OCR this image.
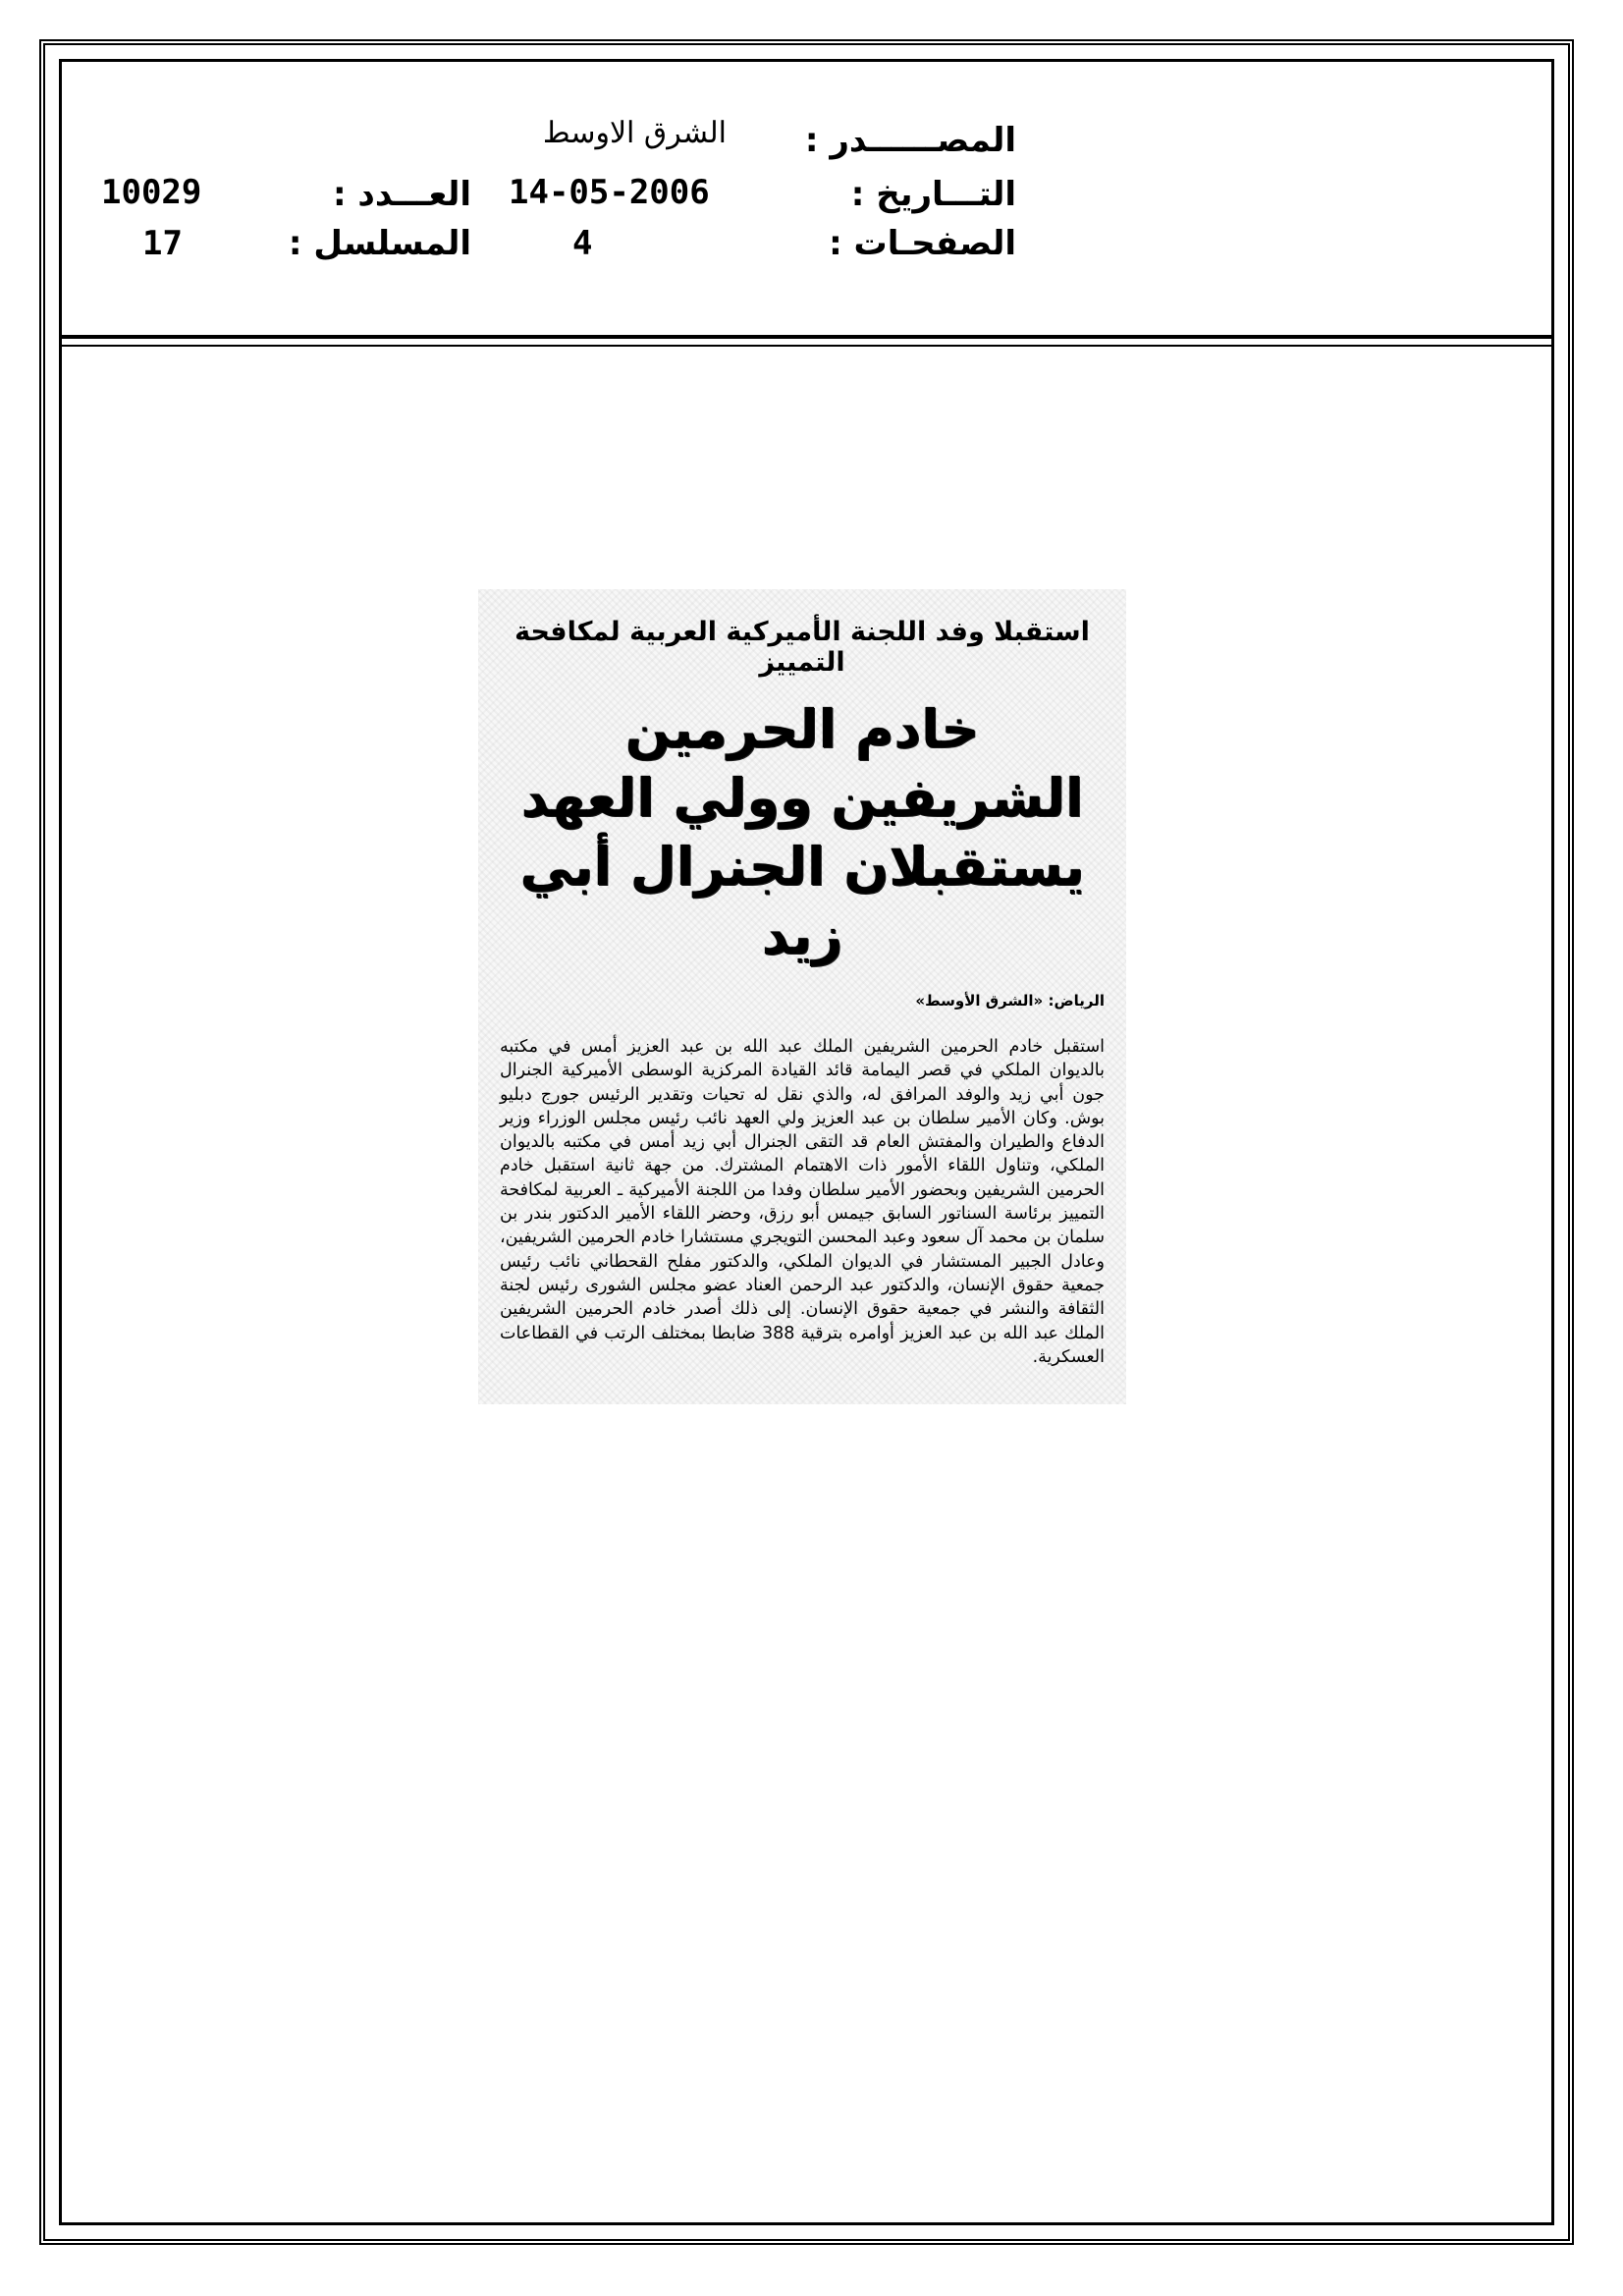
المصــــــدر :
الشرق الاوسط
التـــاريخ :
14-05-2006
العـــدد :
10029
الصفحـات :
4
المسلسل :
17
استقبلا وفد اللجنة الأميركية العربية لمكافحة التمييز
خادم الحرمين الشريفين وولي العهد
يستقبلان الجنرال أبي زيد
الرياض: «الشرق الأوسط»

استقبل خادم الحرمين الشريفين الملك عبد الله بن عبد العزيز أمس في مكتبه بالديوان الملكي في قصر اليمامة قائد القيادة المركزية الوسطى الأميركية الجنرال جون أبي زيد والوفد المرافق له، والذي نقل له تحيات وتقدير الرئيس جورج دبليو بوش. وكان الأمير سلطان بن عبد العزيز ولي العهد نائب رئيس مجلس الوزراء وزير الدفاع والطيران والمفتش العام قد التقى الجنرال أبي زيد أمس في مكتبه بالديوان الملكي، وتناول اللقاء الأمور ذات الاهتمام المشترك. من جهة ثانية استقبل خادم الحرمين الشريفين وبحضور الأمير سلطان وفدا من اللجنة الأميركية ـ العربية لمكافحة التمييز برئاسة السناتور السابق جيمس أبو رزق، وحضر اللقاء الأمير الدكتور بندر بن سلمان بن محمد آل سعود وعبد المحسن التويجري مستشارا خادم الحرمين الشريفين، وعادل الجبير المستشار في الديوان الملكي، والدكتور مفلح القحطاني نائب رئيس جمعية حقوق الإنسان، والدكتور عبد الرحمن العناد عضو مجلس الشورى رئيس لجنة الثقافة والنشر في جمعية حقوق الإنسان. إلى ذلك أصدر خادم الحرمين الشريفين الملك عبد الله بن عبد العزيز أوامره بترقية 388 ضابطا بمختلف الرتب في القطاعات العسكرية.
